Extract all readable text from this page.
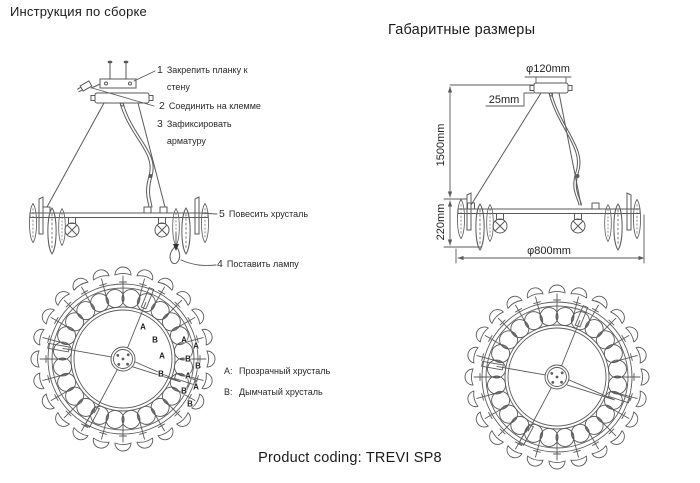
Инструкция по сборке
Габаритные размеры
1 Закрепить планку к стену
2 Соединить на клемме
3 Зафиксировать арматуру
5 Повесить хрусталь
4 Поставить лампу
φ120mm
25mm
1500mm
220mm
φ800mm
A
B	A
A
A	B
B
B	A
A
B
B
A: Прозрачный хрусталь
B: Дымчатый хрусталь
Product coding: TREVI SP8
